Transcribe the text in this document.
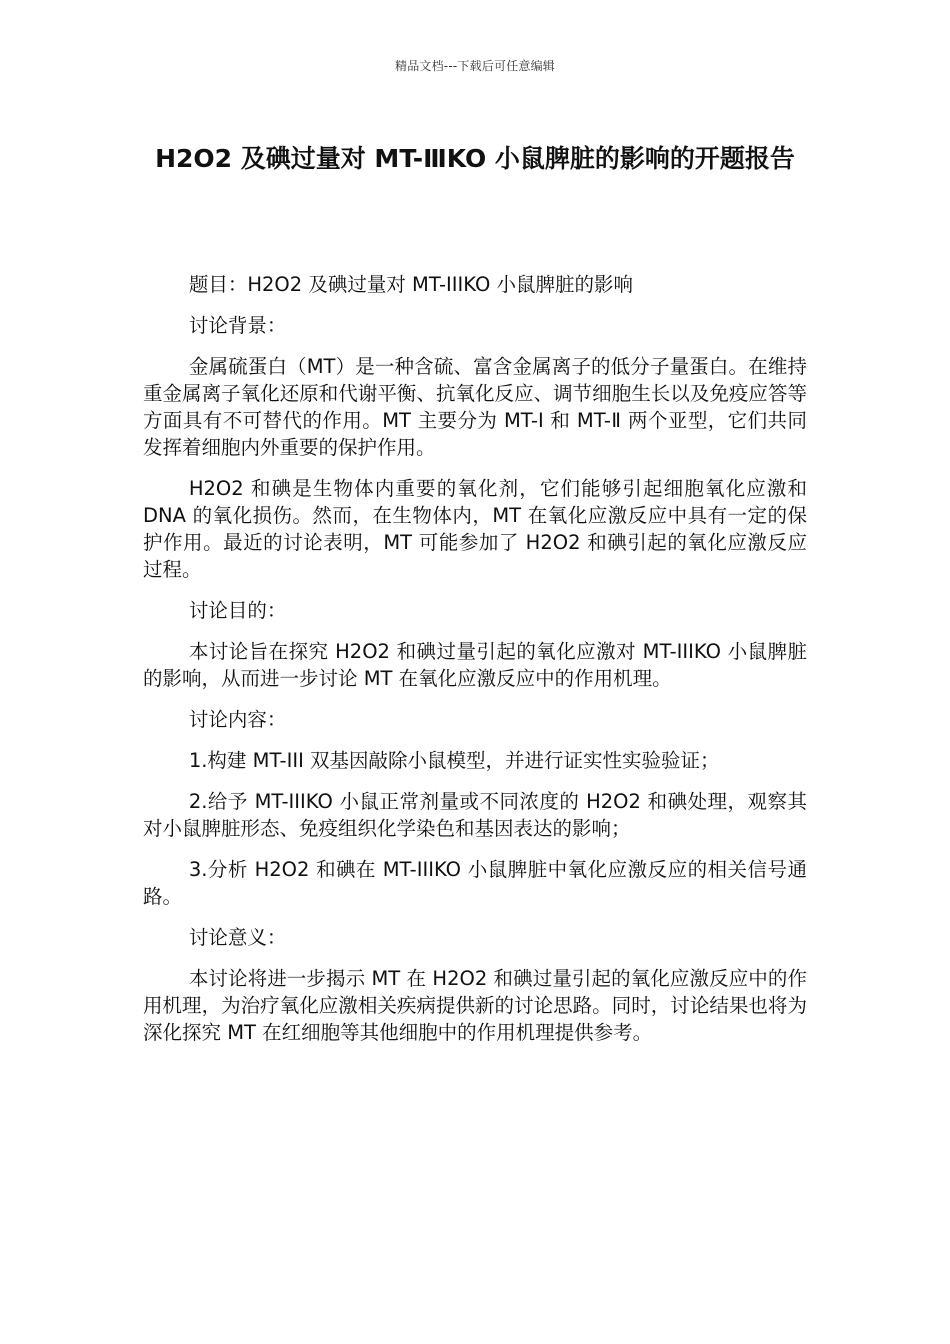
精品文档---下载后可任意编辑
H2O2 及碘过量对 MT-ⅢKO 小鼠脾脏的影响的开题报告

题目：H2O2 及碘过量对 MT-IIIKO 小鼠脾脏的影响

讨论背景：

金属硫蛋白（MT）是一种含硫、富含金属离子的低分子量蛋白。在维持重金属离子氧化还原和代谢平衡、抗氧化反应、调节细胞生长以及免疫应答等方面具有不可替代的作用。MT 主要分为 MT-I 和 MT-Ⅱ 两个亚型，它们共同发挥着细胞内外重要的保护作用。

H2O2 和碘是生物体内重要的氧化剂，它们能够引起细胞氧化应激和 DNA 的氧化损伤。然而，在生物体内，MT 在氧化应激反应中具有一定的保护作用。最近的讨论表明，MT 可能参加了 H2O2 和碘引起的氧化应激反应过程。

讨论目的：

本讨论旨在探究 H2O2 和碘过量引起的氧化应激对 MT-IIIKO 小鼠脾脏的影响，从而进一步讨论 MT 在氧化应激反应中的作用机理。

讨论内容：

1.构建 MT-III 双基因敲除小鼠模型，并进行证实性实验验证；

2.给予 MT-IIIKO 小鼠正常剂量或不同浓度的 H2O2 和碘处理，观察其对小鼠脾脏形态、免疫组织化学染色和基因表达的影响；

3.分析 H2O2 和碘在 MT-IIIKO 小鼠脾脏中氧化应激反应的相关信号通路。

讨论意义：

本讨论将进一步揭示 MT 在 H2O2 和碘过量引起的氧化应激反应中的作用机理，为治疗氧化应激相关疾病提供新的讨论思路。同时，讨论结果也将为深化探究 MT 在红细胞等其他细胞中的作用机理提供参考。
